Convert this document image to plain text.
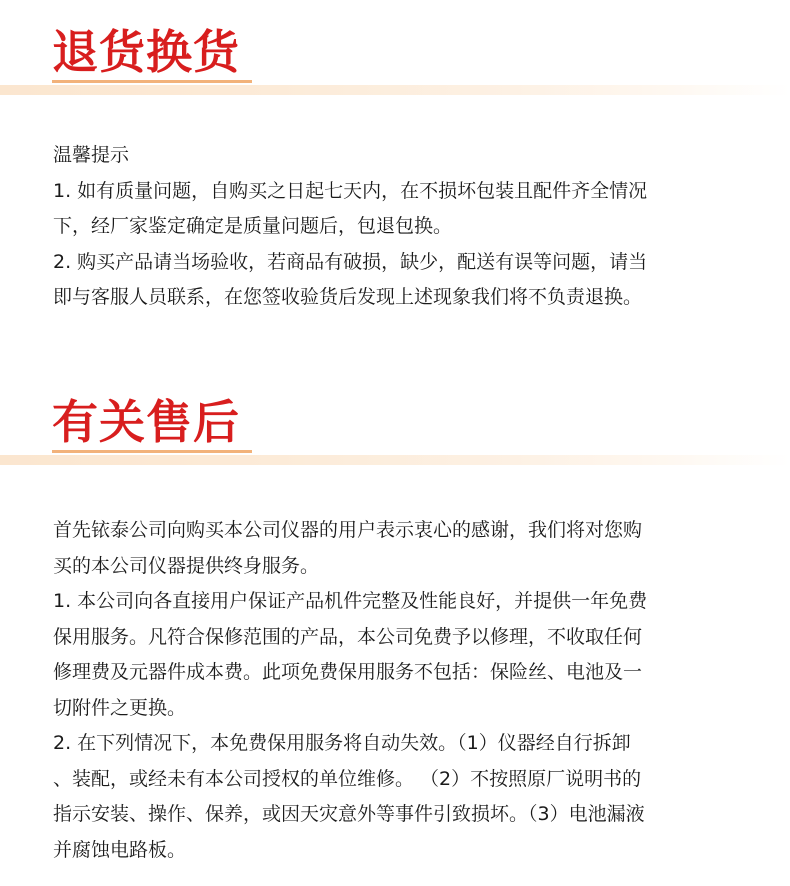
退货换货

温馨提示

1. 如有质量问题，自购买之日起七天内，在不损坏包装且配件齐全情况
下，经厂家鉴定确定是质量问题后，包退包换。

2. 购买产品请当场验收，若商品有破损，缺少，配送有误等问题，请当
即与客服人员联系，在您签收验货后发现上述现象我们将不负责退换。

有关售后

首先铱泰公司向购买本公司仪器的用户表示衷心的感谢，我们将对您购
买的本公司仪器提供终身服务。

1. 本公司向各直接用户保证产品机件完整及性能良好，并提供一年免费
保用服务。凡符合保修范围的产品，本公司免费予以修理，不收取任何
修理费及元器件成本费。此项免费保用服务不包括：保险丝、电池及一
切附件之更换。

2. 在下列情况下，本免费保用服务将自动失效。（1）仪器经自行拆卸
、装配，或经未有本公司授权的单位维修。 （2）不按照原厂说明书的
指示安装、操作、保养，或因天灾意外等事件引致损坏。（3）电池漏液
并腐蚀电路板。
